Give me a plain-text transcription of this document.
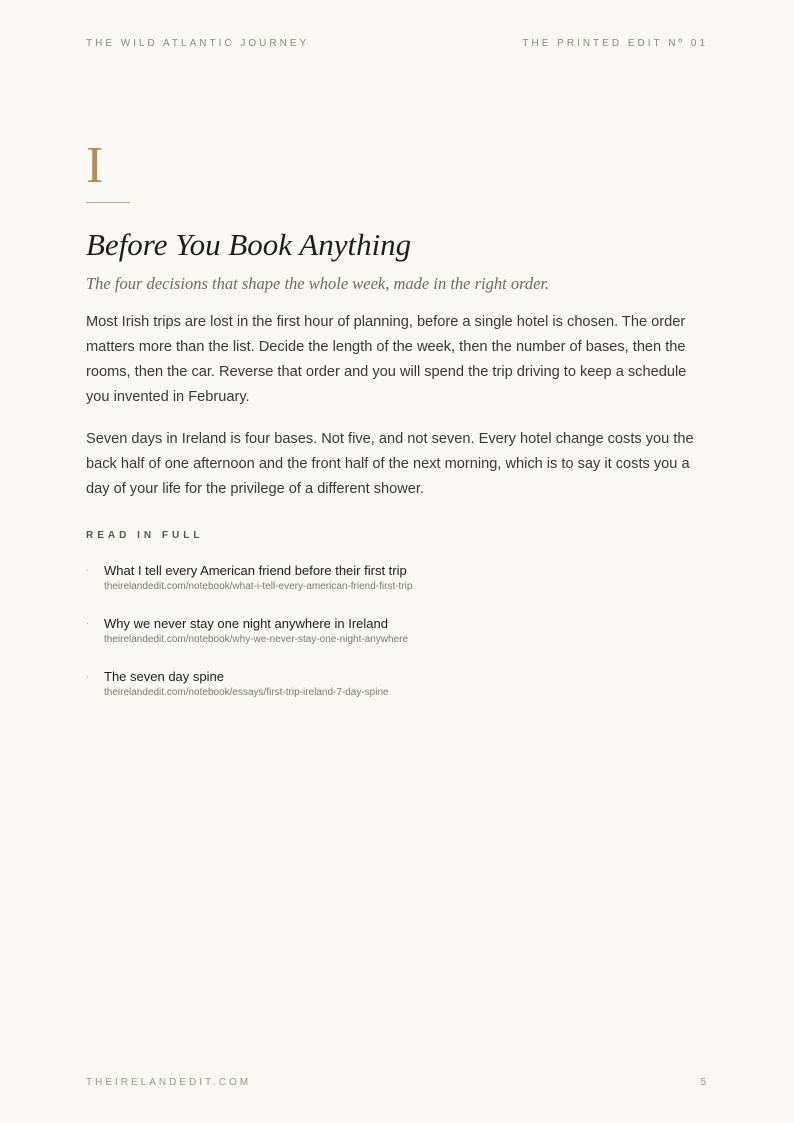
THE WILD ATLANTIC JOURNEY	THE PRINTED EDIT Nº 01
I
Before You Book Anything

The four decisions that shape the whole week, made in the right order.

Most Irish trips are lost in the first hour of planning, before a single hotel is chosen. The order matters more than the list. Decide the length of the week, then the number of bases, then the rooms, then the car. Reverse that order and you will spend the trip driving to keep a schedule you invented in February.

Seven days in Ireland is four bases. Not five, and not seven. Every hotel change costs you the back half of one afternoon and the front half of the next morning, which is to say it costs you a day of your life for the privilege of a different shower.

READ IN FULL
· What I tell every American friend before their first trip
theirelandedit.com/notebook/what-i-tell-every-american-friend-first-trip
· Why we never stay one night anywhere in Ireland
theirelandedit.com/notebook/why-we-never-stay-one-night-anywhere
· The seven day spine
theirelandedit.com/notebook/essays/first-trip-ireland-7-day-spine
THEIRELANDEDIT.COM	5
